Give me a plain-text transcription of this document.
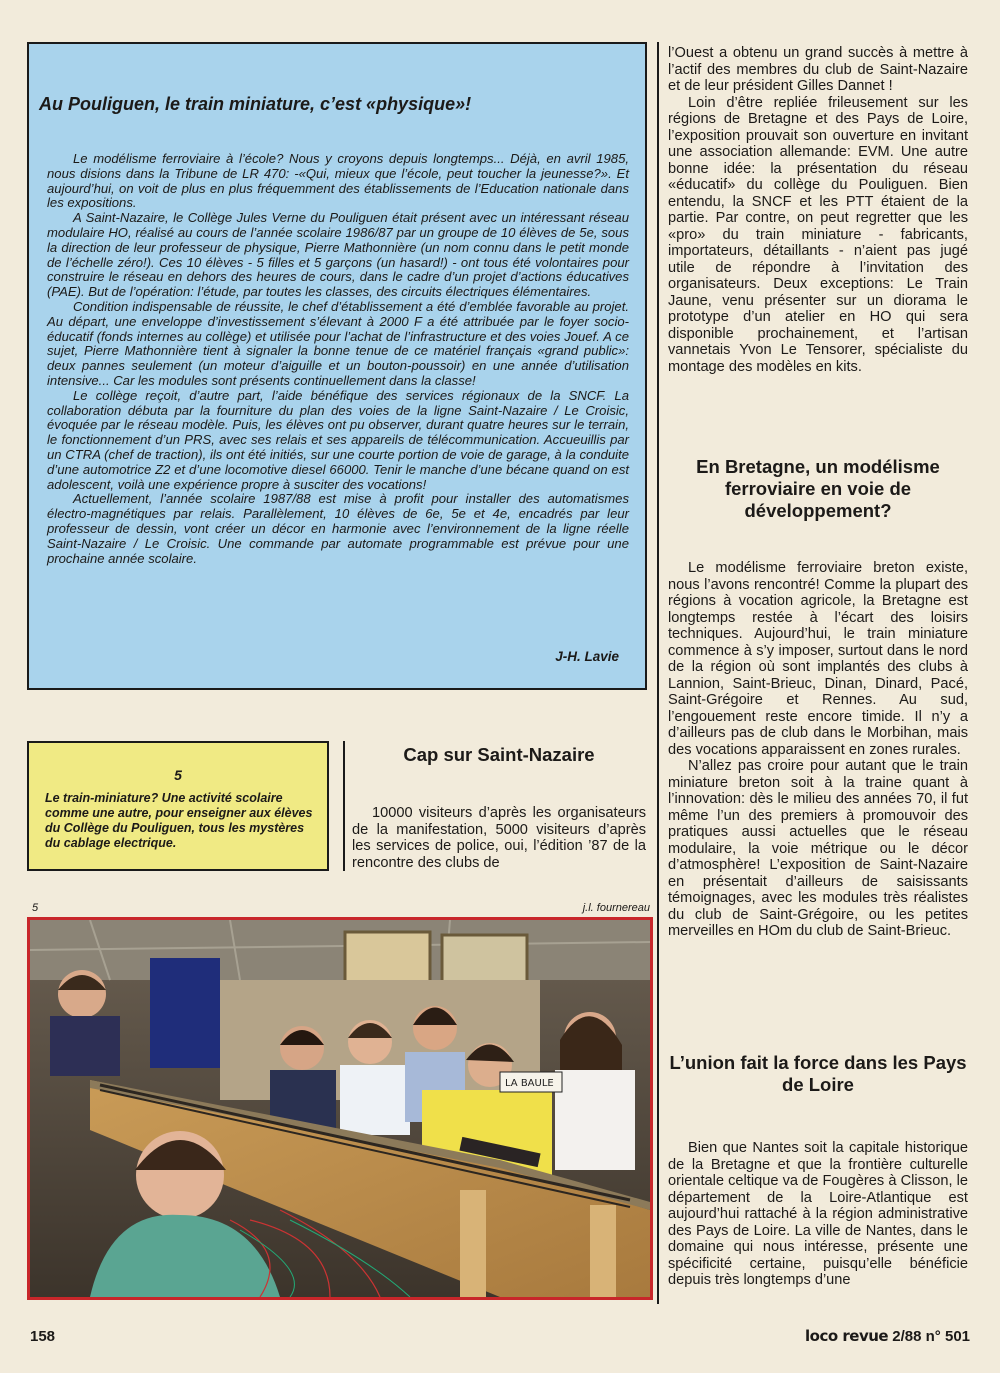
Au Pouliguen, le train miniature, c’est «physique»!

Le modélisme ferroviaire à l’école? Nous y croyons depuis longtemps... Déjà, en avril 1985, nous disions dans la Tribune de LR 470: -«Qui, mieux que l’école, peut toucher la jeunesse?». Et aujourd’hui, on voit de plus en plus fréquemment des établissements de l’Education nationale dans les expositions.

A Saint-Nazaire, le Collège Jules Verne du Pouliguen était présent avec un intéressant réseau modulaire HO, réalisé au cours de l’année scolaire 1986/87 par un groupe de 10 élèves de 5e, sous la direction de leur professeur de physique, Pierre Mathonnière (un nom connu dans le petit monde de l’échelle zéro!). Ces 10 élèves - 5 filles et 5 garçons (un hasard!) - ont tous été volontaires pour construire le réseau en dehors des heures de cours, dans le cadre d’un projet d’actions éducatives (PAE). But de l’opération: l’étude, par toutes les classes, des circuits électriques élémentaires.

Condition indispensable de réussite, le chef d’établissement a été d’emblée favorable au projet. Au départ, une enveloppe d’investissement s’élevant à 2000 F a été attribuée par le foyer socio-éducatif (fonds internes au collège) et utilisée pour l’achat de l’infrastructure et des voies Jouef. A ce sujet, Pierre Mathonnière tient à signaler la bonne tenue de ce matériel français «grand public»: deux pannes seulement (un moteur d’aiguille et un bouton-poussoir) en une année d’utilisation intensive... Car les modules sont présents continuellement dans la classe!

Le collège reçoit, d’autre part, l’aide bénéfique des services régionaux de la SNCF. La collaboration débuta par la fourniture du plan des voies de la ligne Saint-Nazaire / Le Croisic, évoquée par le réseau modèle. Puis, les élèves ont pu observer, durant quatre heures sur le terrain, le fonctionnement d’un PRS, avec ses relais et ses appareils de télécommunication. Accueuillis par un CTRA (chef de traction), ils ont été initiés, sur une courte portion de voie de garage, à la conduite d’une automotrice Z2 et d’une locomotive diesel 66000. Tenir le manche d’une bécane quand on est adolescent, voilà une expérience propre à susciter des vocations!

Actuellement, l’année scolaire 1987/88 est mise à profit pour installer des automatismes électro-magnétiques par relais. Parallèlement, 10 élèves de 6e, 5e et 4e, encadrés par leur professeur de dessin, vont créer un décor en harmonie avec l’environnement de la ligne réelle Saint-Nazaire / Le Croisic. Une commande par automate programmable est prévue pour une prochaine année scolaire.

J-H. Lavie
5
Le train-miniature? Une activité scolaire comme une autre, pour enseigner aux élèves du Collège du Pouliguen, tous les mystères du cablage electrique.
Cap sur Saint-Nazaire

10000 visiteurs d’après les organisateurs de la manifestation, 5000 visiteurs d’après les services de police, oui, l’édition ’87 de la rencontre des clubs de

5	j.l. fournereau
LA BAULE

l’Ouest a obtenu un grand succès à mettre à l’actif des membres du club de Saint-Nazaire et de leur président Gilles Dannet !

Loin d’être repliée frileusement sur les régions de Bretagne et des Pays de Loire, l’exposition prouvait son ouverture en invitant une association allemande: EVM. Une autre bonne idée: la présentation du réseau «éducatif» du collège du Pouliguen. Bien entendu, la SNCF et les PTT étaient de la partie. Par contre, on peut regretter que les «pro» du train miniature - fabricants, importateurs, détaillants - n’aient pas jugé utile de répondre à l’invitation des organisateurs. Deux exceptions: Le Train Jaune, venu présenter sur un diorama le prototype d’un atelier en HO qui sera disponible prochainement, et l’artisan vannetais Yvon Le Tensorer, spécialiste du montage des modèles en kits.

En Bretagne, un modélisme ferroviaire en voie de développement?

Le modélisme ferroviaire breton existe, nous l’avons rencontré! Comme la plupart des régions à vocation agricole, la Bretagne est longtemps restée à l’écart des loisirs techniques. Aujourd’hui, le train miniature commence à s’y imposer, surtout dans le nord de la région où sont implantés des clubs à Lannion, Saint-Brieuc, Dinan, Dinard, Pacé, Saint-Grégoire et Rennes. Au sud, l’engouement reste encore timide. Il n’y a d’ailleurs pas de club dans le Morbihan, mais des vocations apparaissent en zones rurales.

N’allez pas croire pour autant que le train miniature breton soit à la traine quant à l’innovation: dès le milieu des années 70, il fut même l’un des premiers à promouvoir des pratiques aussi actuelles que le réseau modulaire, la voie métrique ou le décor d’atmosphère! L’exposition de Saint-Nazaire en présentait d’ailleurs de saisissants témoignages, avec les modules très réalistes du club de Saint-Grégoire, ou les petites merveilles en HOm du club de Saint-Brieuc.

L’union fait la force dans les Pays de Loire

Bien que Nantes soit la capitale historique de la Bretagne et que la frontière culturelle orientale celtique va de Fougères à Clisson, le département de la Loire-Atlantique est aujourd’hui rattaché à la région administrative des Pays de Loire. La ville de Nantes, dans le domaine qui nous intéresse, présente une spécificité certaine, puisqu’elle bénéficie depuis très longtemps d’une

158	loco revue 2/88 n° 501
